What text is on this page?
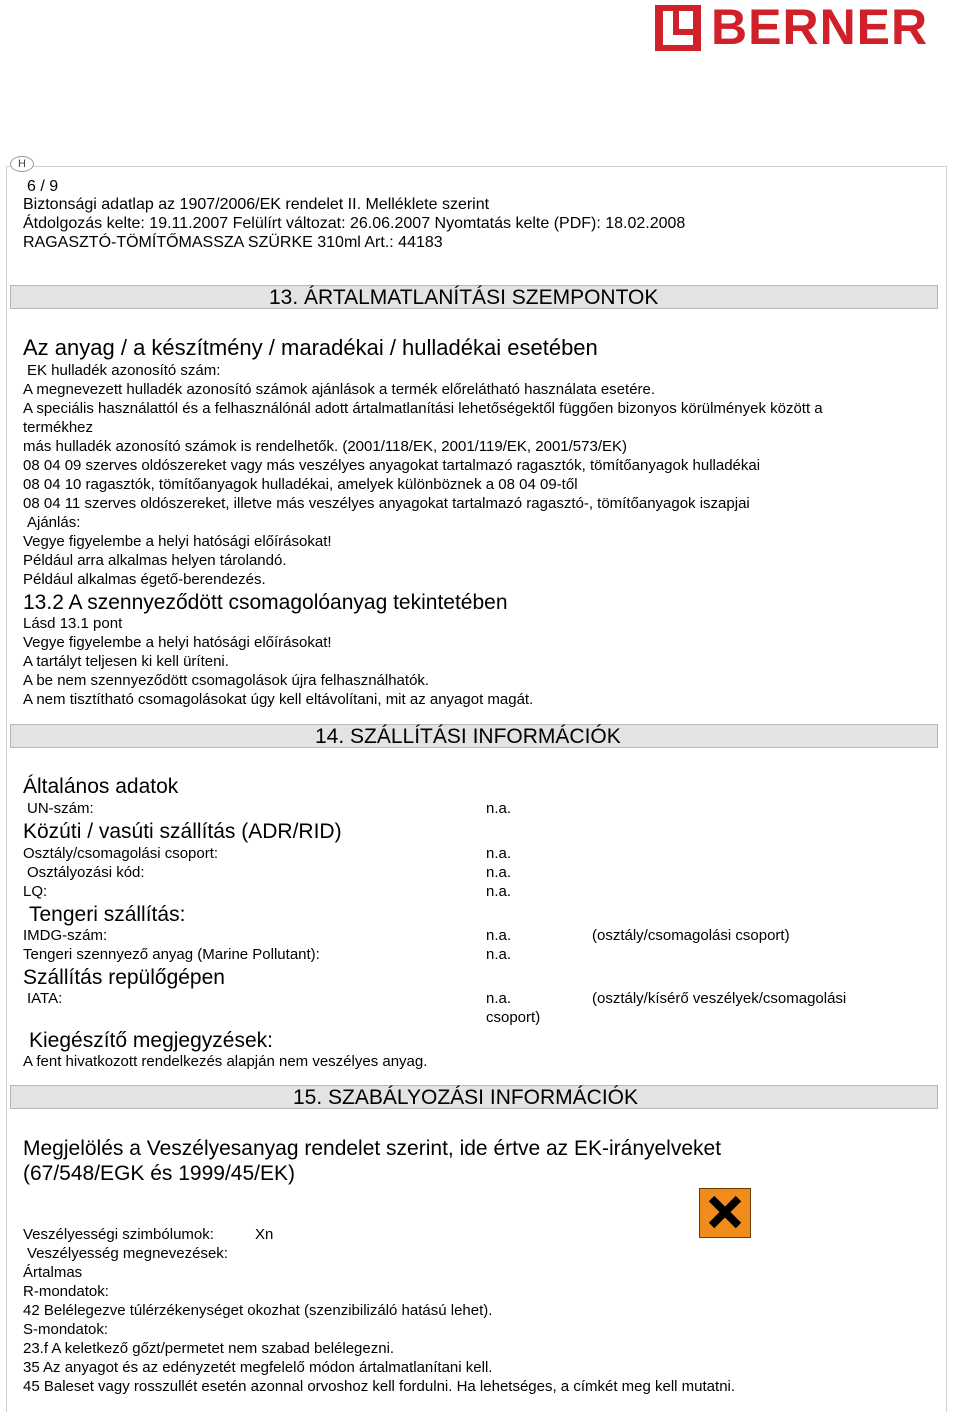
BERNER
H
6 / 9
Biztonsági adatlap az 1907/2006/EK rendelet II. Melléklete szerint
Átdolgozás kelte: 19.11.2007 Felülírt változat: 26.06.2007 Nyomtatás kelte (PDF): 18.02.2008
RAGASZTÓ-TÖMÍTŐMASSZA SZÜRKE 310ml Art.: 44183
13. ÁRTALMATLANÍTÁSI SZEMPONTOK
Az anyag / a készítmény / maradékai / hulladékai esetében
EK hulladék azonosító szám:
A megnevezett hulladék azonosító számok ajánlások a termék előrelátható használata esetére.
A speciális használattól és a felhasználónál adott ártalmatlanítási lehetőségektől függően bizonyos körülmények között a
termékhez
más hulladék azonosító számok is rendelhetők. (2001/118/EK, 2001/119/EK, 2001/573/EK)
08 04 09 szerves oldószereket vagy más veszélyes anyagokat tartalmazó ragasztók, tömítőanyagok hulladékai
08 04 10 ragasztók, tömítőanyagok hulladékai, amelyek különböznek a 08 04 09-től
08 04 11 szerves oldószereket, illetve más veszélyes anyagokat tartalmazó ragasztó-, tömítőanyagok iszapjai
Ajánlás:
Vegye figyelembe a helyi hatósági előírásokat!
Például arra alkalmas helyen tárolandó.
Például alkalmas égető-berendezés.
13.2 A szennyeződött csomagolóanyag tekintetében
Lásd 13.1 pont
Vegye figyelembe a helyi hatósági előírásokat!
A tartályt teljesen ki kell üríteni.
A be nem szennyeződött csomagolások újra felhasználhatók.
A nem tisztítható csomagolásokat úgy kell eltávolítani, mit az anyagot magát.
14. SZÁLLÍTÁSI INFORMÁCIÓK
Általános adatok
UN-szám:	n.a.
Közúti / vasúti szállítás (ADR/RID)
Osztály/csomagolási csoport:	n.a.
Osztályozási kód:	n.a.
LQ:	n.a.
Tengeri szállítás:
IMDG-szám:	n.a.	(osztály/csomagolási csoport)
Tengeri szennyező anyag (Marine Pollutant):	n.a.
Szállítás repülőgépen
IATA:	n.a.	(osztály/kísérő veszélyek/csomagolási
csoport)
Kiegészítő megjegyzések:
A fent hivatkozott rendelkezés alapján nem veszélyes anyag.
15. SZABÁLYOZÁSI INFORMÁCIÓK
Megjelölés a Veszélyesanyag rendelet szerint, ide értve az EK-irányelveket
(67/548/EGK és 1999/45/EK)
Veszélyességi szimbólumok:	Xn
Veszélyesség megnevezések:
Ártalmas
R-mondatok:
42 Belélegezve túlérzékenységet okozhat (szenzibilizáló hatású lehet).
S-mondatok:
23.f A keletkező gőzt/permetet nem szabad belélegezni.
35 Az anyagot és az edényzetét megfelelő módon ártalmatlanítani kell.
45 Baleset vagy rosszullét esetén azonnal orvoshoz kell fordulni. Ha lehetséges, a címkét meg kell mutatni.
